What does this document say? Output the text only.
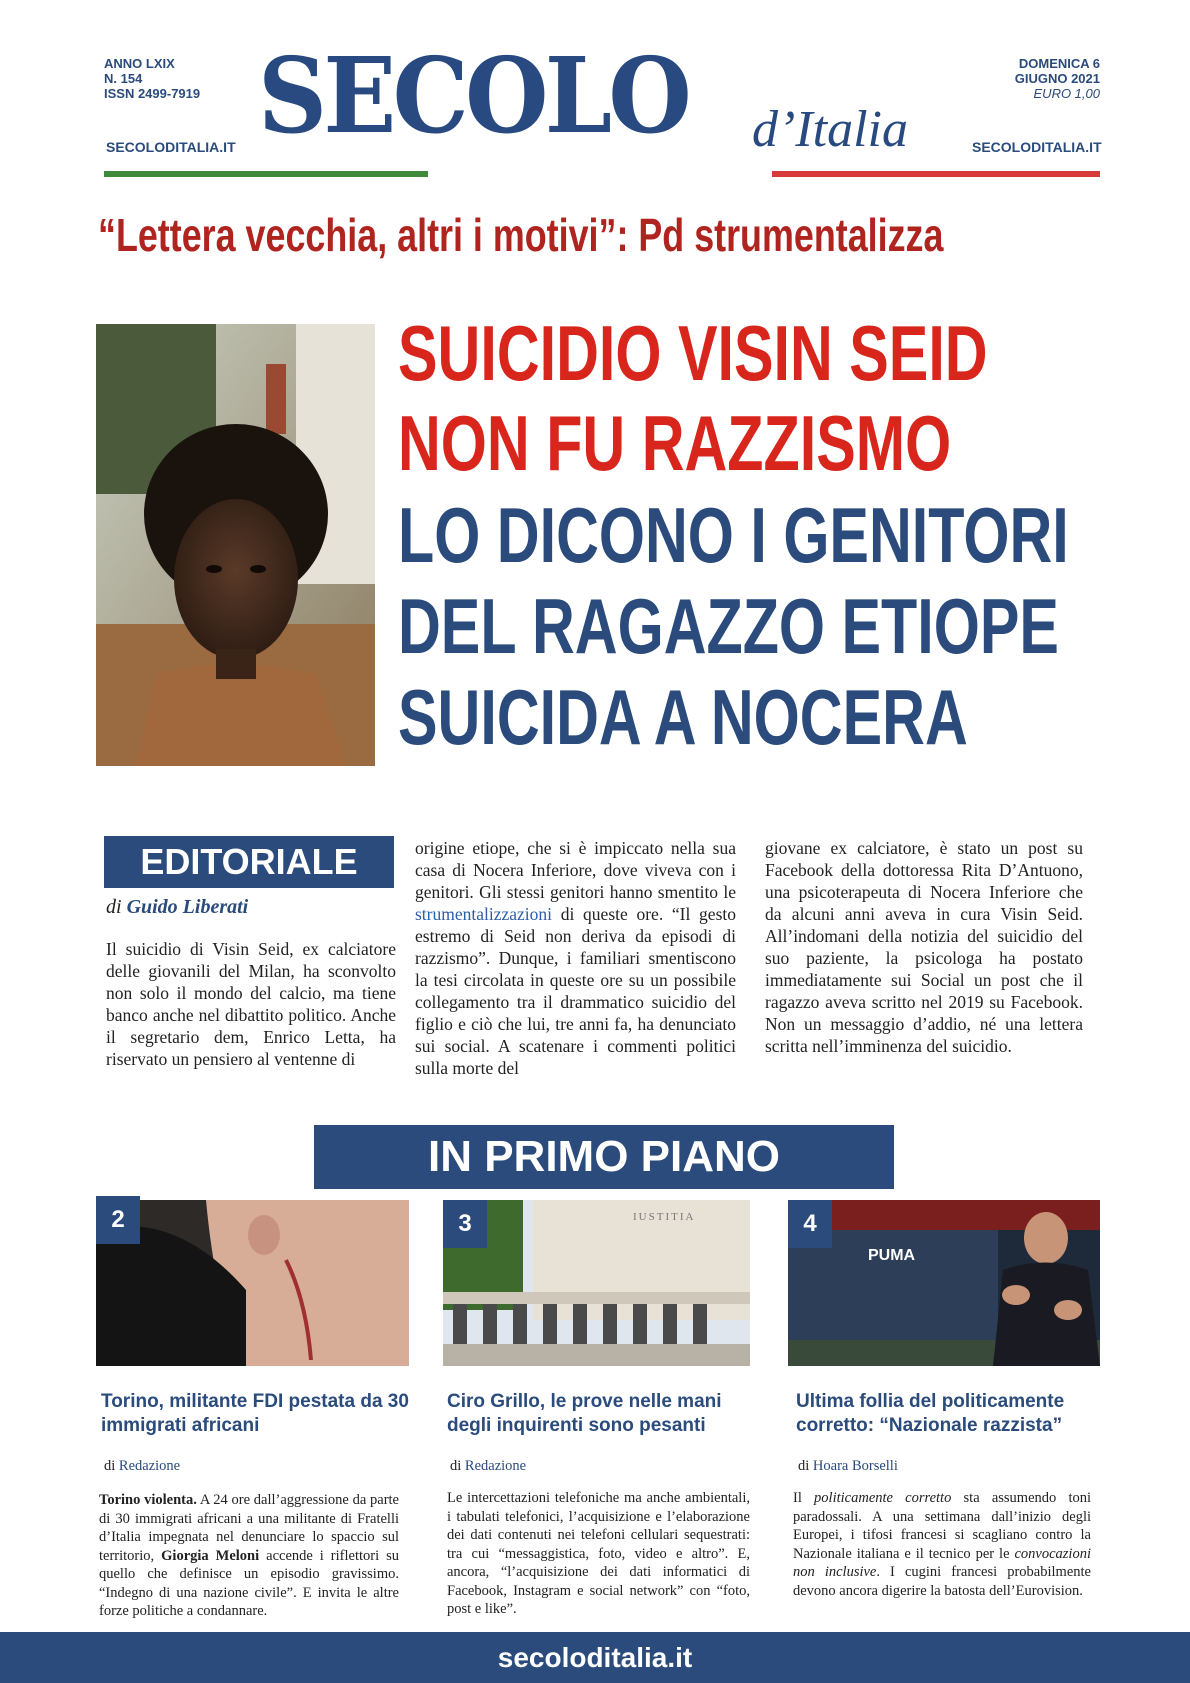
ANNO LXIX
N. 154
ISSN 2499-7919
SECOLODITALIA.IT SECOLO d’Italia
DOMENICA 6
GIUGNO 2021
EURO 1,00
SECOLODITALIA.IT
“Lettera vecchia, altri i motivi”: Pd strumentalizza
SUICIDIO VISIN SEID
NON FU RAZZISMO
LO DICONO I GENITORI
DEL RAGAZZO ETIOPE
SUICIDA A NOCERA
EDITORIALE
di Guido Liberati
Il suicidio di Visin Seid, ex calciatore delle giovanili del Milan, ha sconvolto non solo il mondo del calcio, ma tiene banco anche nel dibattito politico. Anche il segretario dem, Enrico Letta, ha riservato un pensiero al ventenne di
origine etiope, che si è impiccato nella sua casa di Nocera Inferiore, dove viveva con i genitori. Gli stessi genitori hanno smentito le strumentalizzazioni di queste ore. “Il gesto estremo di Seid non deriva da episodi di razzismo”. Dunque, i familiari smentiscono la tesi circolata in queste ore su un possibile collegamento tra il drammatico suicidio del figlio e ciò che lui, tre anni fa, ha denunciato sui social. A scatenare i commenti politici sulla morte del
giovane ex calciatore, è stato un post su Facebook della dottoressa Rita D’Antuono, una psicoterapeuta di Nocera Inferiore che da alcuni anni aveva in cura Visin Seid. All’indomani della notizia del suicidio del suo paziente, la psicologa ha postato immediatamente sui Social un post che il ragazzo aveva scritto nel 2019 su Facebook. Non un messaggio d’addio, né una lettera scritta nell’imminenza del suicidio.
IN PRIMO PIANO
2
Torino, militante FDI pestata da 30 immigrati africani
di Redazione
Torino violenta. A 24 ore dall’aggressione da parte di 30 immigrati africani a una militante di Fratelli d’Italia impegnata nel denunciare lo spaccio sul territorio, Giorgia Meloni accende i riflettori su quello che definisce un episodio gravissimo. “Indegno di una nazione civile”. E invita le altre forze politiche a condannare.
IUSTITIA
3
Ciro Grillo, le prove nelle mani degli inquirenti sono pesanti
di Redazione
Le intercettazioni telefoniche ma anche ambientali, i tabulati telefonici, l’acquisizione e l’elaborazione dei dati contenuti nei telefoni cellulari sequestrati: tra cui “messaggistica, foto, video e altro”. E, ancora, “l’acquisizione dei dati informatici di Facebook, Instagram e social network” con “foto, post e like”.
PUMA
4
Ultima follia del politicamente corretto: “Nazionale razzista”
di Hoara Borselli
Il politicamente corretto sta assumendo toni paradossali. A una settimana dall’inizio degli Europei, i tifosi francesi si scagliano contro la Nazionale italiana e il tecnico per le convocazioni non inclusive. I cugini francesi probabilmente devono ancora digerire la batosta dell’Eurovision.
secoloditalia.it
